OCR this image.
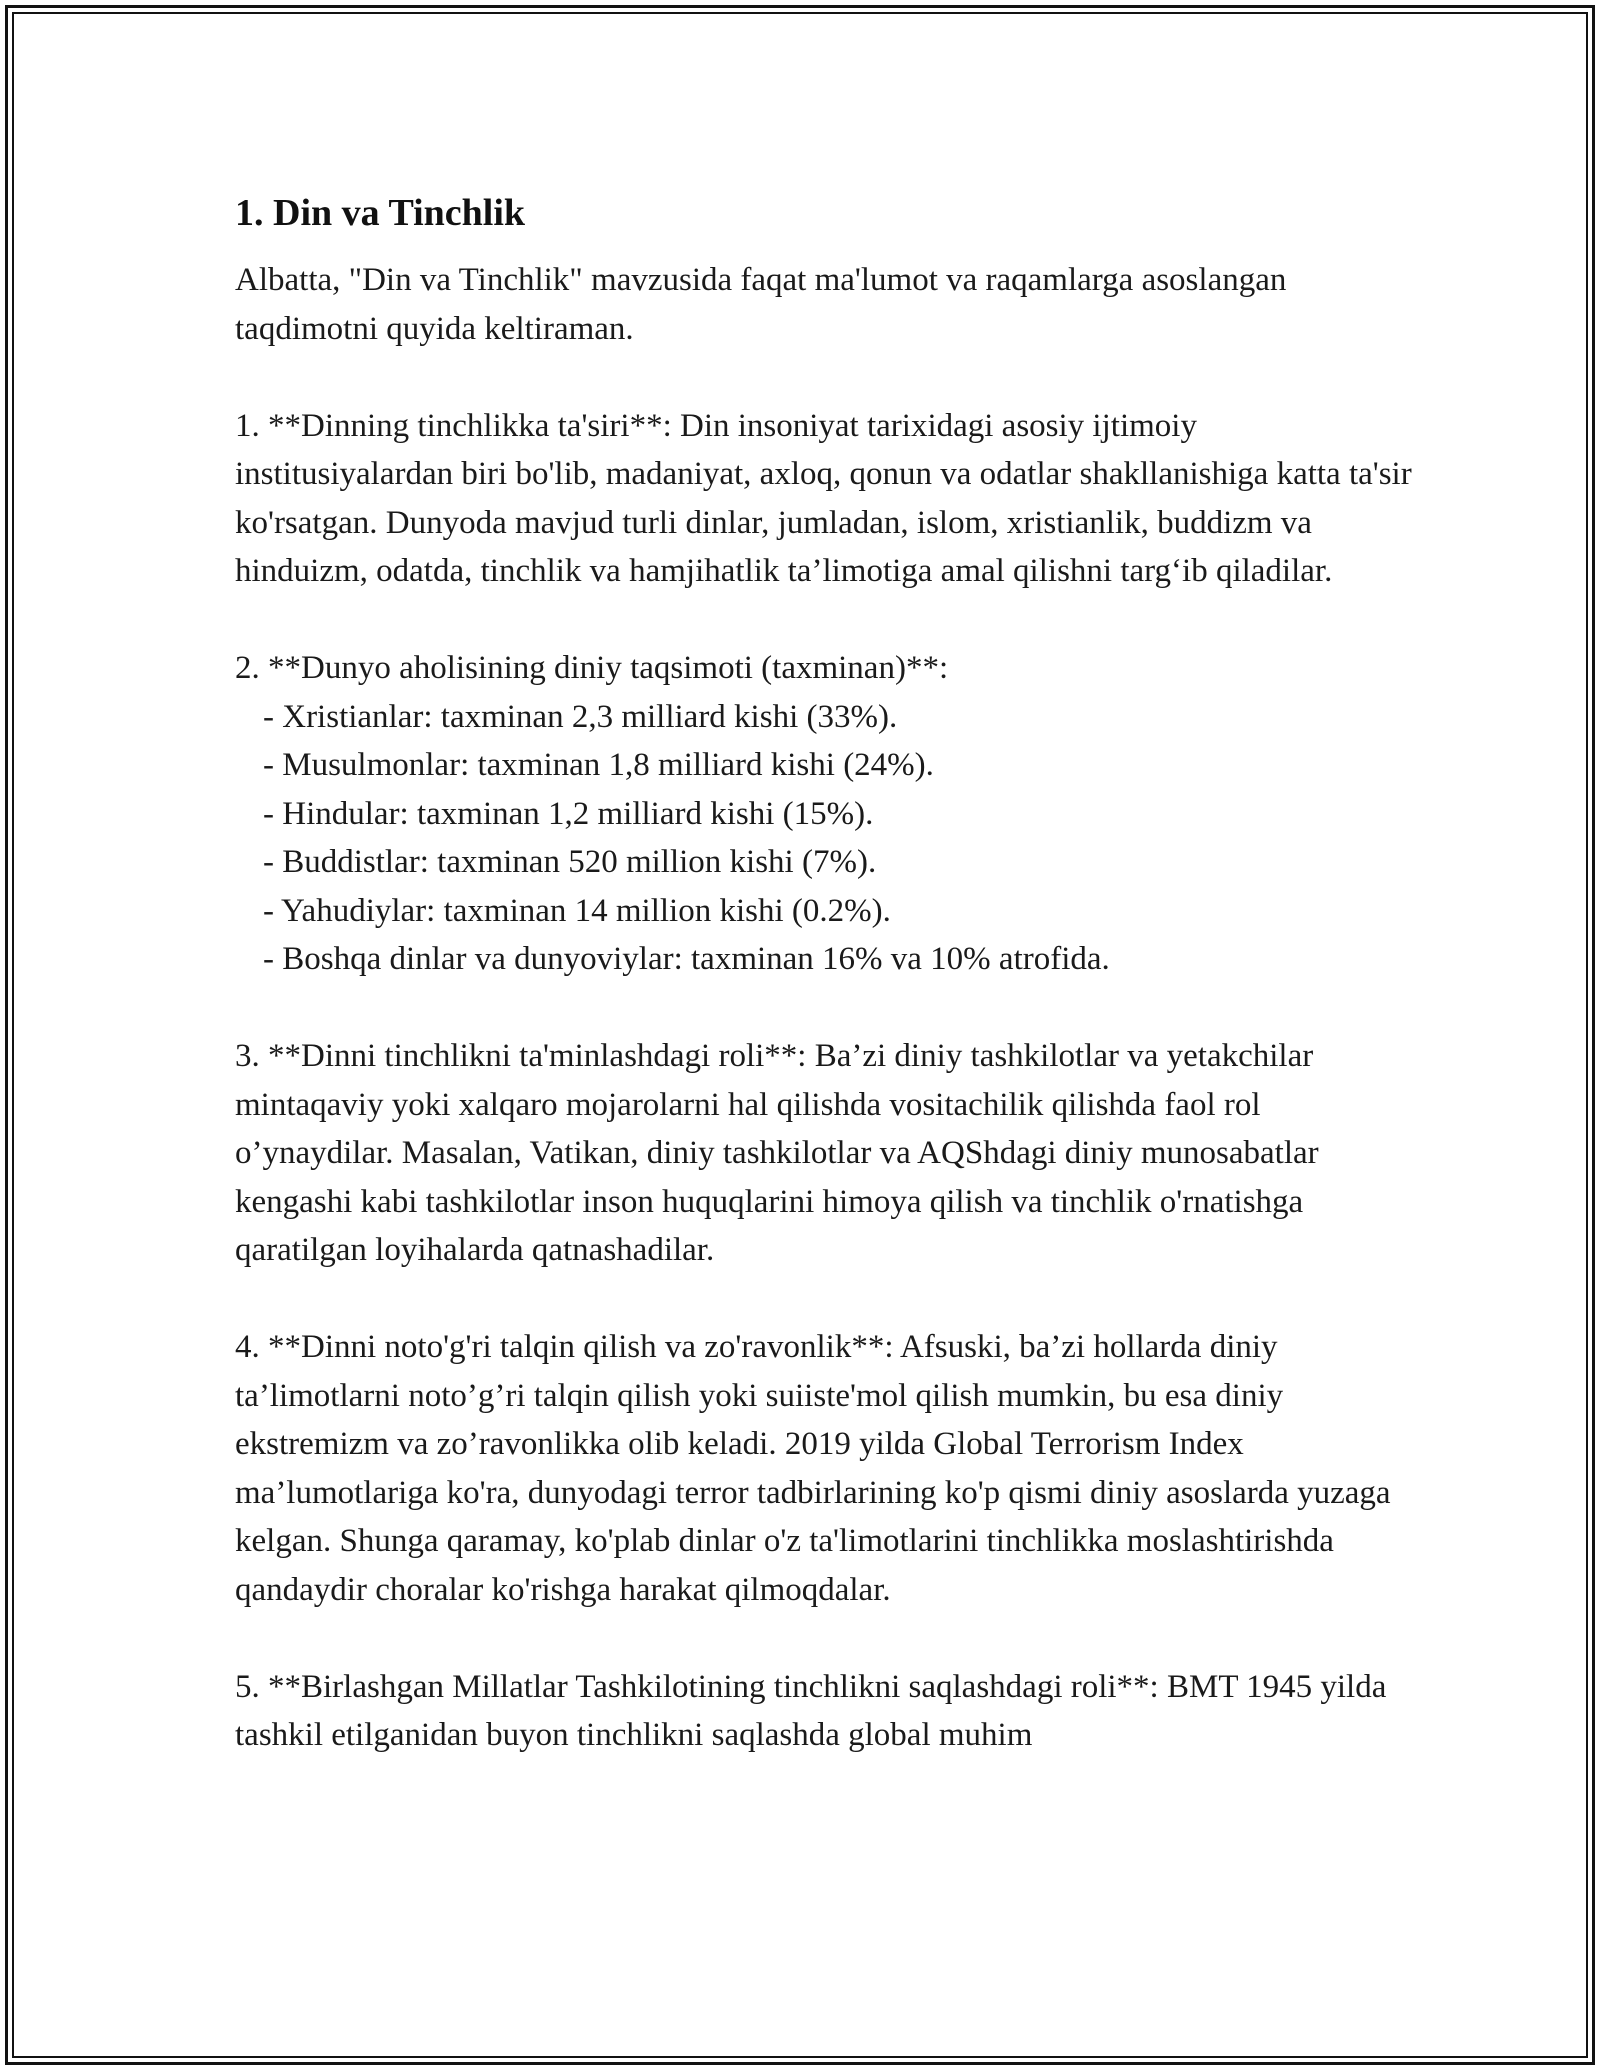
1. Din va Tinchlik

Albatta, "Din va Tinchlik" mavzusida faqat ma'lumot va raqamlarga asoslangan taqdimotni quyida keltiraman.

1. **Dinning tinchlikka ta'siri**: Din insoniyat tarixidagi asosiy ijtimoiy institusiyalardan biri bo'lib, madaniyat, axloq, qonun va odatlar shakllanishiga katta ta'sir ko'rsatgan. Dunyoda mavjud turli dinlar, jumladan, islom, xristianlik, buddizm va hinduizm, odatda, tinchlik va hamjihatlik ta’limotiga amal qilishni targ‘ib qiladilar.

2. **Dunyo aholisining diniy taqsimoti (taxminan)**:

- Xristianlar: taxminan 2,3 milliard kishi (33%).
- Musulmonlar: taxminan 1,8 milliard kishi (24%).
- Hindular: taxminan 1,2 milliard kishi (15%).
- Buddistlar: taxminan 520 million kishi (7%).
- Yahudiylar: taxminan 14 million kishi (0.2%).
- Boshqa dinlar va dunyoviylar: taxminan 16% va 10% atrofida.

3. **Dinni tinchlikni ta'minlashdagi roli**: Ba’zi diniy tashkilotlar va yetakchilar mintaqaviy yoki xalqaro mojarolarni hal qilishda vositachilik qilishda faol rol o’ynaydilar. Masalan, Vatikan, diniy tashkilotlar va AQShdagi diniy munosabatlar kengashi kabi tashkilotlar inson huquqlarini himoya qilish va tinchlik o'rnatishga qaratilgan loyihalarda qatnashadilar.

4. **Dinni noto'g'ri talqin qilish va zo'ravonlik**: Afsuski, ba’zi hollarda diniy ta’limotlarni noto’g’ri talqin qilish yoki suiiste'mol qilish mumkin, bu esa diniy ekstremizm va zo’ravonlikka olib keladi. 2019 yilda Global Terrorism Index ma’lumotlariga ko'ra, dunyodagi terror tadbirlarining ko'p qismi diniy asoslarda yuzaga kelgan. Shunga qaramay, ko'plab dinlar o'z ta'limotlarini tinchlikka moslashtirishda qandaydir choralar ko'rishga harakat qilmoqdalar.

5. **Birlashgan Millatlar Tashkilotining tinchlikni saqlashdagi roli**: BMT 1945 yilda tashkil etilganidan buyon tinchlikni saqlashda global muhim
